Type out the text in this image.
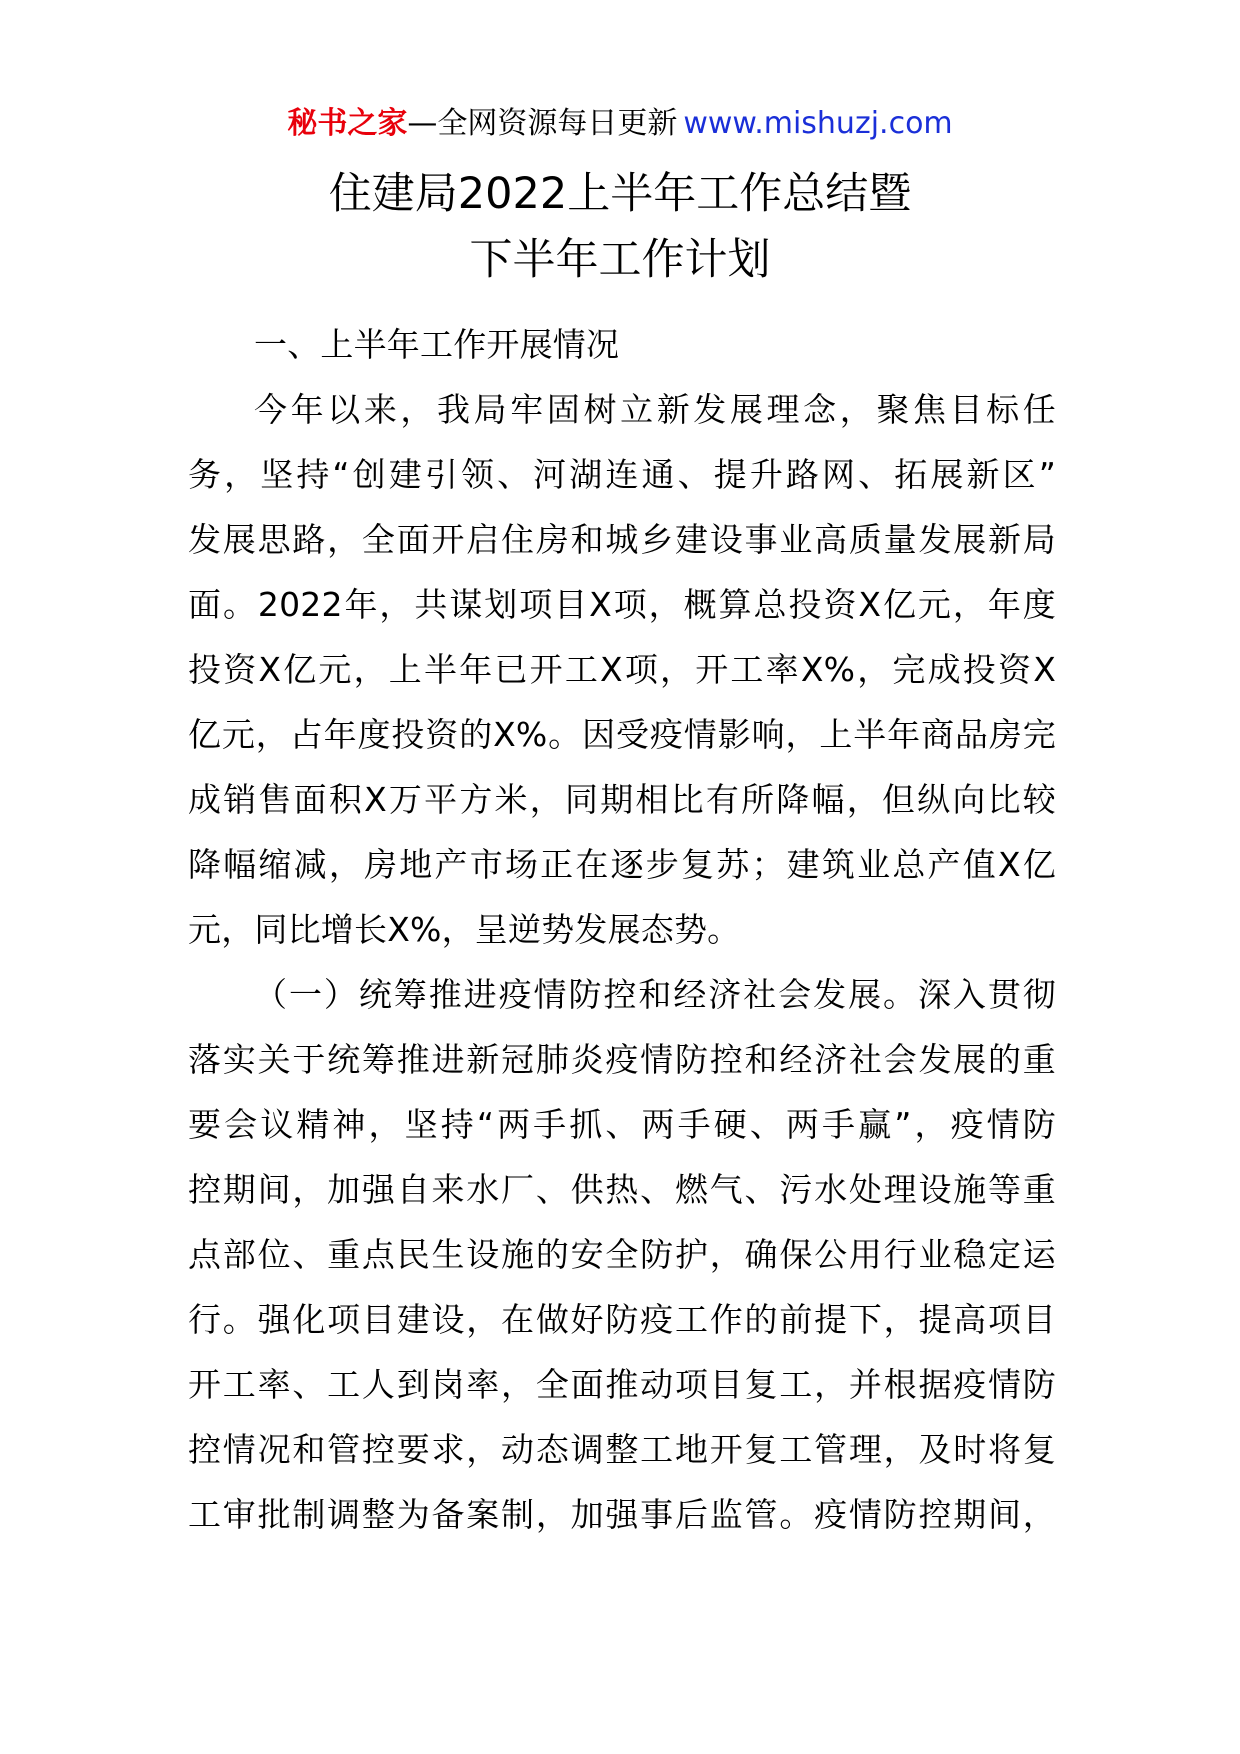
秘书之家—全网资源每日更新 www.mishuzj.com
住建局2022上半年工作总结暨
下半年工作计划
一、上半年工作开展情况
今年以来，我局牢固树立新发展理念，聚焦目标任
务，坚持“创建引领、河湖连通、提升路网、拓展新区”
发展思路，全面开启住房和城乡建设事业高质量发展新局
面。2022年，共谋划项目X项，概算总投资X亿元，年度
投资X亿元，上半年已开工X项，开工率X%，完成投资X
亿元，占年度投资的X%。因受疫情影响，上半年商品房完
成销售面积X万平方米，同期相比有所降幅，但纵向比较
降幅缩减，房地产市场正在逐步复苏；建筑业总产值X亿
元，同比增长X%，呈逆势发展态势。
（一）统筹推进疫情防控和经济社会发展。深入贯彻
落实关于统筹推进新冠肺炎疫情防控和经济社会发展的重
要会议精神，坚持“两手抓、两手硬、两手赢”，疫情防
控期间，加强自来水厂、供热、燃气、污水处理设施等重
点部位、重点民生设施的安全防护，确保公用行业稳定运
行。强化项目建设，在做好防疫工作的前提下，提高项目
开工率、工人到岗率，全面推动项目复工，并根据疫情防
控情况和管控要求，动态调整工地开复工管理，及时将复
工审批制调整为备案制，加强事后监管。疫情防控期间，
